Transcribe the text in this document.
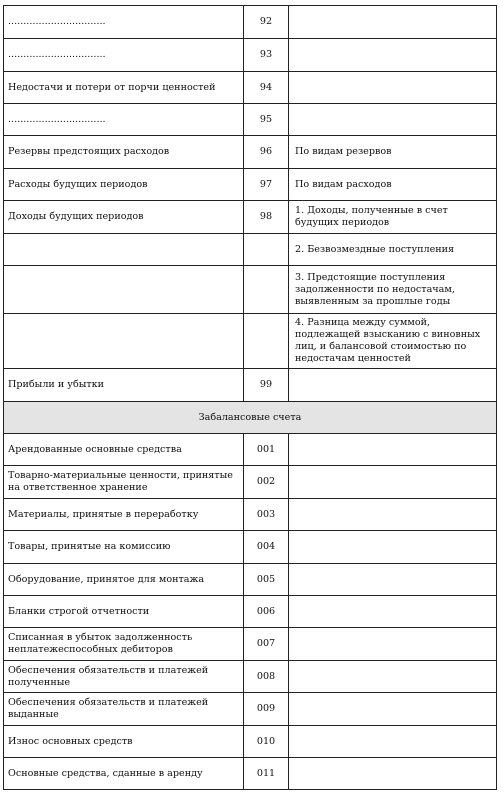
................................	92	
................................	93	
Недостачи и потери от порчи ценностей	94	
................................	95	
Резервы предстоящих расходов	96	По видам резервов
Расходы будущих периодов	97	По видам расходов
Доходы будущих периодов	98	1. Доходы, полученные в счет будущих периодов
		2. Безвозмездные поступления
		3. Предстоящие поступления задолженности по недостачам, выявленным за прошлые годы
		4. Разница между суммой, подлежащей взысканию с виновных лиц, и балансовой стоимостью по недостачам ценностей
Прибыли и убытки	99	
Забалансовые счета		
Арендованные основные средства	001	
Товарно-материальные ценности, принятые на ответственное хранение	002	
Материалы, принятые в переработку	003	
Товары, принятые на комиссию	004	
Оборудование, принятое для монтажа	005	
Бланки строгой отчетности	006	
Списанная в убыток задолженность неплатежеспособных дебиторов	007	
Обеспечения обязательств и платежей полученные	008	
Обеспечения обязательств и платежей выданные	009	
Износ основных средств	010	
Основные средства, сданные в аренду	011	
